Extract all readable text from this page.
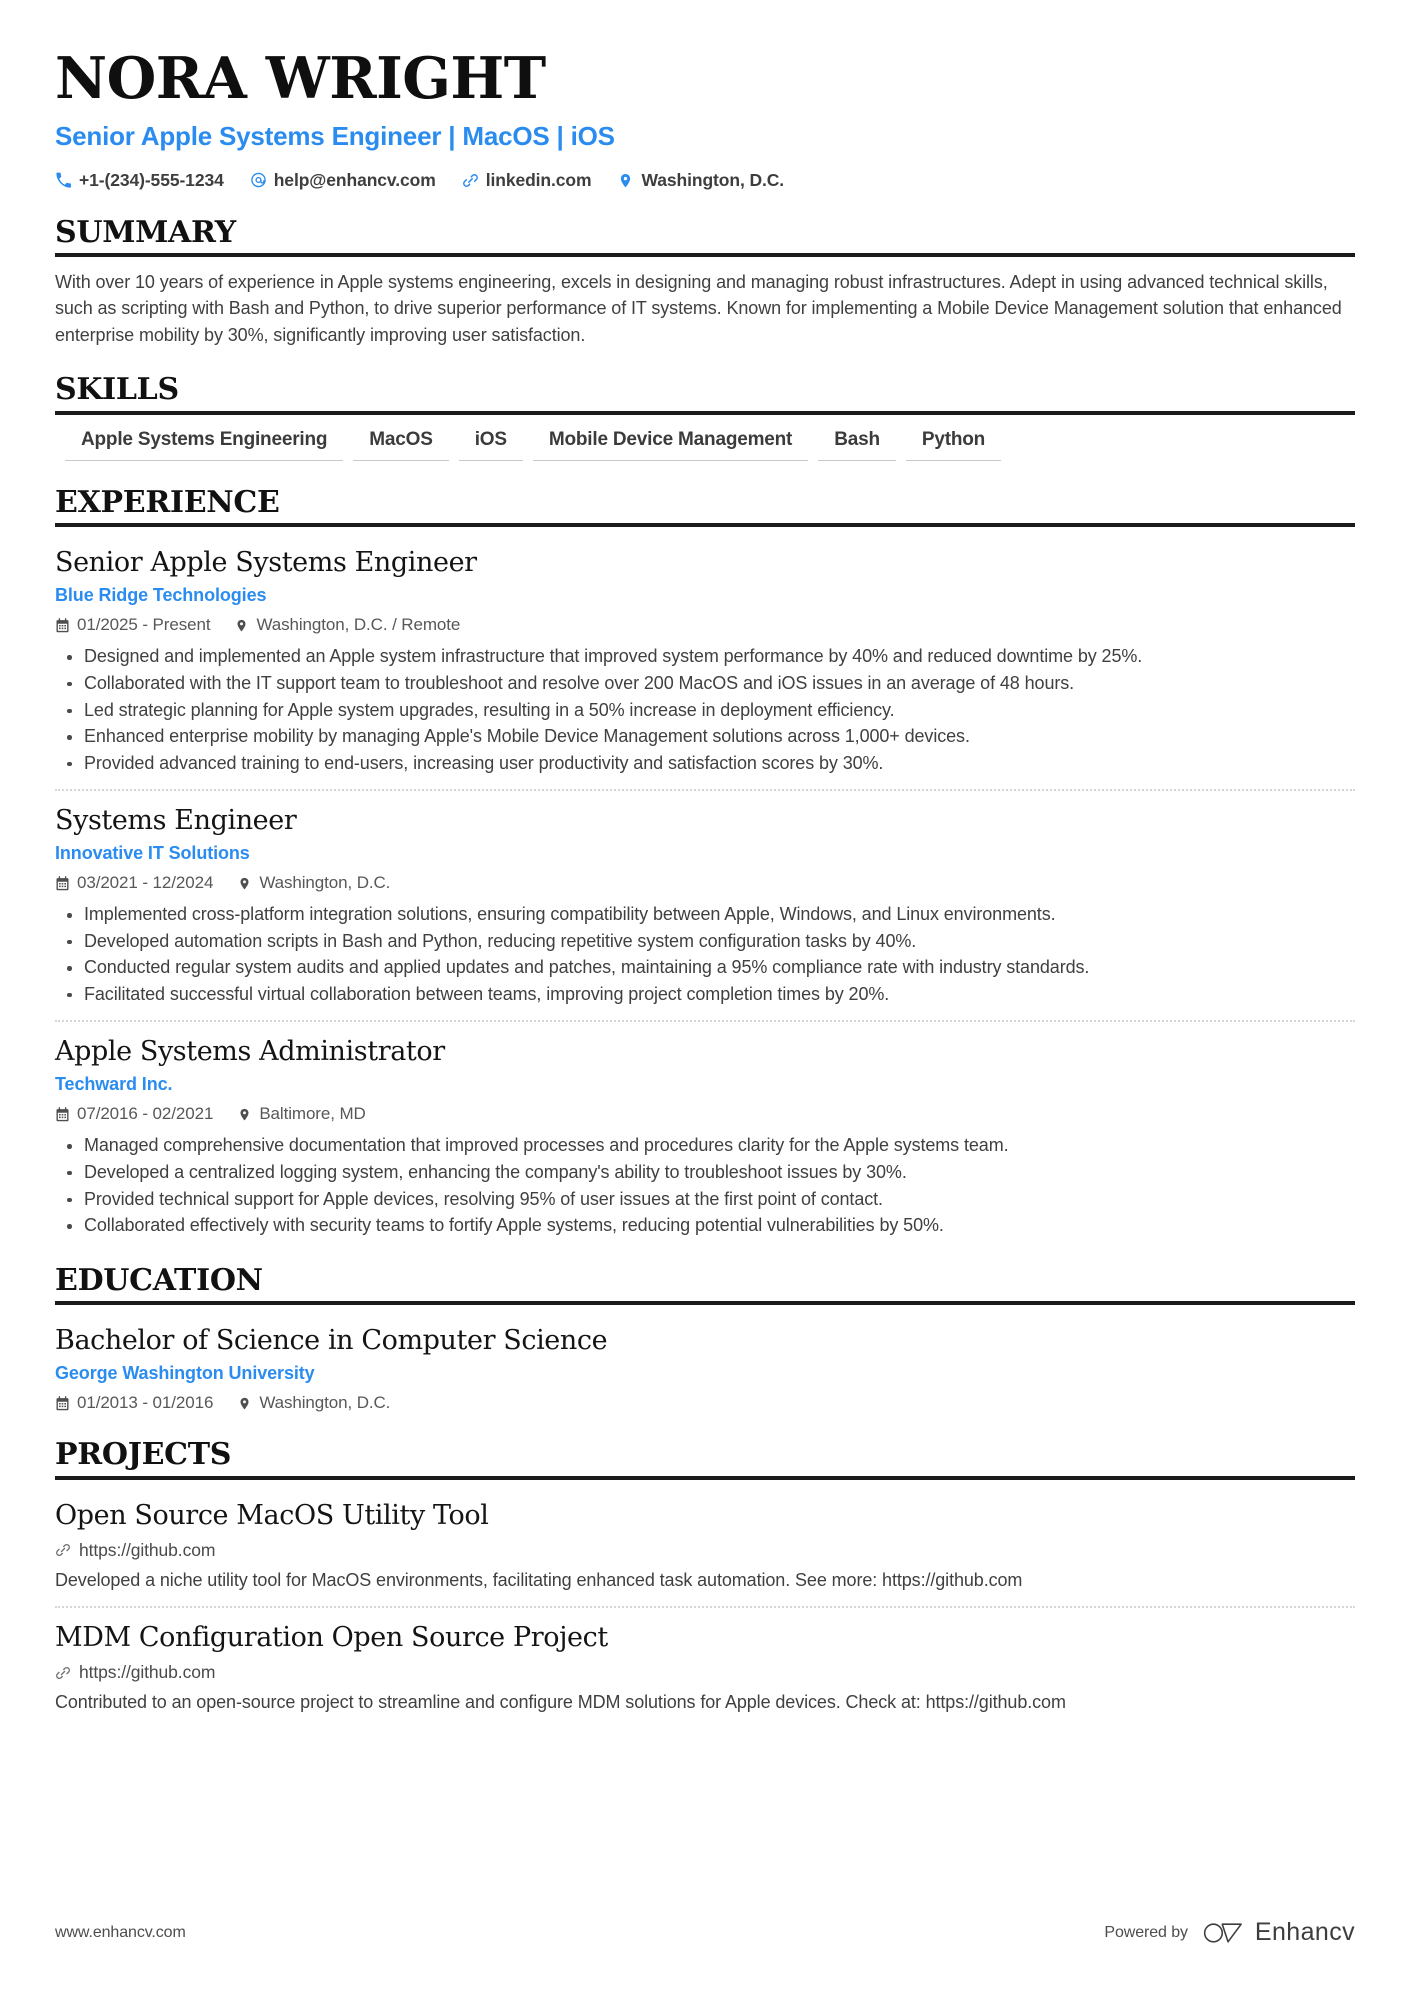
NORA WRIGHT
Senior Apple Systems Engineer | MacOS | iOS
+1-(234)-555-1234	help@enhancv.com	linkedin.com	Washington, D.C.
SUMMARY

With over 10 years of experience in Apple systems engineering, excels in designing and managing robust infrastructures. Adept in using advanced technical skills, such as scripting with Bash and Python, to drive superior performance of IT systems. Known for implementing a Mobile Device Management solution that enhanced enterprise mobility by 30%, significantly improving user satisfaction.

SKILLS
Apple Systems Engineering	MacOS	iOS	Mobile Device Management	Bash	Python
EXPERIENCE
Senior Apple Systems Engineer
Blue Ridge Technologies
01/2025 - Present	Washington, D.C. / Remote
Designed and implemented an Apple system infrastructure that improved system performance by 40% and reduced downtime by 25%.
Collaborated with the IT support team to troubleshoot and resolve over 200 MacOS and iOS issues in an average of 48 hours.
Led strategic planning for Apple system upgrades, resulting in a 50% increase in deployment efficiency.
Enhanced enterprise mobility by managing Apple's Mobile Device Management solutions across 1,000+ devices.
Provided advanced training to end-users, increasing user productivity and satisfaction scores by 30%.
Systems Engineer
Innovative IT Solutions
03/2021 - 12/2024	Washington, D.C.
Implemented cross-platform integration solutions, ensuring compatibility between Apple, Windows, and Linux environments.
Developed automation scripts in Bash and Python, reducing repetitive system configuration tasks by 40%.
Conducted regular system audits and applied updates and patches, maintaining a 95% compliance rate with industry standards.
Facilitated successful virtual collaboration between teams, improving project completion times by 20%.
Apple Systems Administrator
Techward Inc.
07/2016 - 02/2021	Baltimore, MD
Managed comprehensive documentation that improved processes and procedures clarity for the Apple systems team.
Developed a centralized logging system, enhancing the company's ability to troubleshoot issues by 30%.
Provided technical support for Apple devices, resolving 95% of user issues at the first point of contact.
Collaborated effectively with security teams to fortify Apple systems, reducing potential vulnerabilities by 50%.
EDUCATION
Bachelor of Science in Computer Science
George Washington University
01/2013 - 01/2016	Washington, D.C.
PROJECTS
Open Source MacOS Utility Tool
https://github.com
Developed a niche utility tool for MacOS environments, facilitating enhanced task automation. See more: https://github.com
MDM Configuration Open Source Project
https://github.com
Contributed to an open-source project to streamline and configure MDM solutions for Apple devices. Check at: https://github.com
www.enhancv.com	Powered by	Enhancv
